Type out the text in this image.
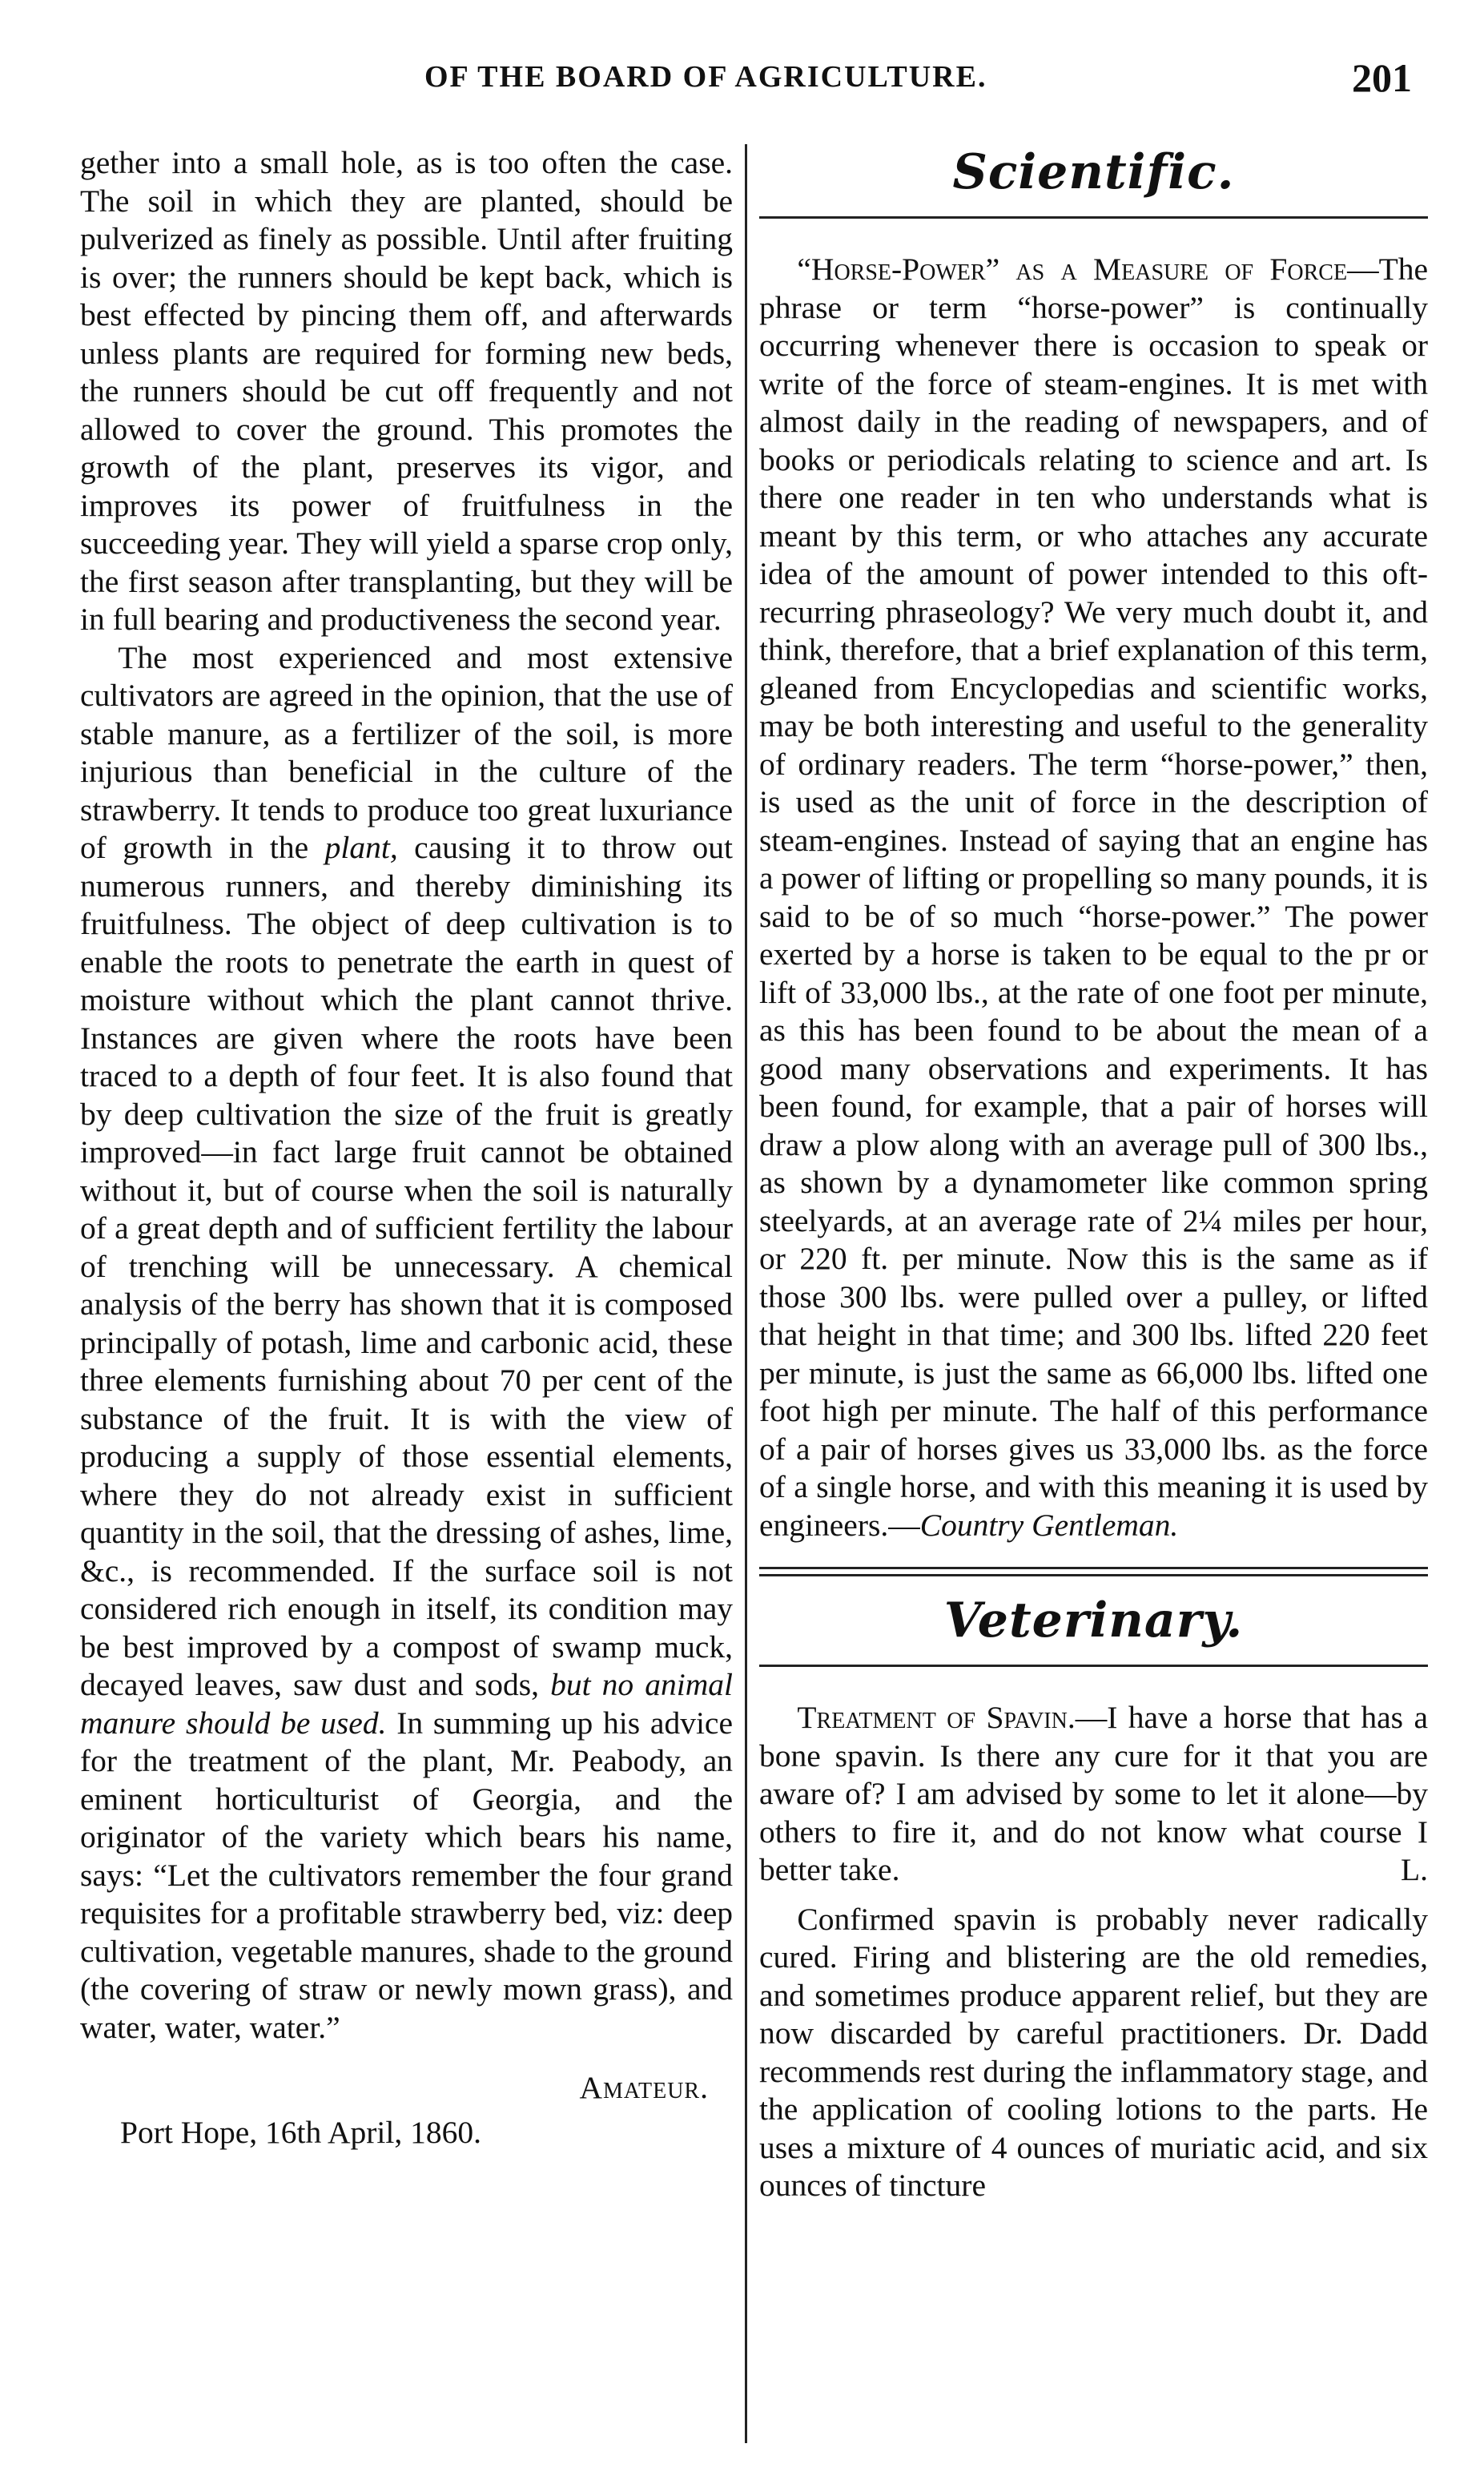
OF THE BOARD OF AGRICULTURE.	201

gether into a small hole, as is too often the case. The soil in which they are planted, should be pulverized as finely as possible. Until after fruiting is over; the runners should be kept back, which is best effected by pincing them off, and afterwards unless plants are required for forming new beds, the runners should be cut off frequently and not allowed to cover the ground. This promotes the growth of the plant, preserves its vigor, and improves its power of fruitfulness in the succeeding year. They will yield a sparse crop only, the first season after transplanting, but they will be in full bearing and productiveness the second year.

The most experienced and most extensive cultivators are agreed in the opinion, that the use of stable manure, as a fertilizer of the soil, is more injurious than beneficial in the culture of the strawberry. It tends to produce too great luxuriance of growth in the plant, causing it to throw out numerous runners, and thereby diminishing its fruitfulness. The object of deep cultivation is to enable the roots to penetrate the earth in quest of moisture without which the plant cannot thrive. Instances are given where the roots have been traced to a depth of four feet. It is also found that by deep cultivation the size of the fruit is greatly improved—in fact large fruit cannot be obtained without it, but of course when the soil is naturally of a great depth and of sufficient fertility the labour of trenching will be unnecessary. A chemical analysis of the berry has shown that it is composed principally of potash, lime and carbonic acid, these three elements furnishing about 70 per cent of the substance of the fruit. It is with the view of producing a supply of those essential elements, where they do not already exist in sufficient quantity in the soil, that the dressing of ashes, lime, &c., is recommended. If the surface soil is not considered rich enough in itself, its condition may be best improved by a compost of swamp muck, decayed leaves, saw dust and sods, but no animal manure should be used. In summing up his advice for the treatment of the plant, Mr. Peabody, an eminent horticulturist of Georgia, and the originator of the variety which bears his name, says: “Let the cultivators remember the four grand requisites for a profitable strawberry bed, viz: deep cultivation, vegetable manures, shade to the ground (the covering of straw or newly mown grass), and water, water, water.”

Amateur.

Port Hope, 16th April, 1860.

Scientific.

“Horse-Power” as a Measure of Force—The phrase or term “horse-power” is continually occurring whenever there is occasion to speak or write of the force of steam-engines. It is met with almost daily in the reading of newspapers, and of books or periodicals relating to science and art. Is there one reader in ten who understands what is meant by this term, or who attaches any accurate idea of the amount of power intended to this oft-recurring phraseology? We very much doubt it, and think, therefore, that a brief explanation of this term, gleaned from Encyclopedias and scientific works, may be both interesting and useful to the generality of ordinary readers. The term “horse-power,” then, is used as the unit of force in the description of steam-engines. Instead of saying that an engine has a power of lifting or propelling so many pounds, it is said to be of so much “horse-power.” The power exerted by a horse is taken to be equal to the pr or lift of 33,000 lbs., at the rate of one foot per minute, as this has been found to be about the mean of a good many observations and experiments. It has been found, for example, that a pair of horses will draw a plow along with an average pull of 300 lbs., as shown by a dynamometer like common spring steelyards, at an average rate of 2¼ miles per hour, or 220 ft. per minute. Now this is the same as if those 300 lbs. were pulled over a pulley, or lifted that height in that time; and 300 lbs. lifted 220 feet per minute, is just the same as 66,000 lbs. lifted one foot high per minute. The half of this performance of a pair of horses gives us 33,000 lbs. as the force of a single horse, and with this meaning it is used by engineers.—Country Gentleman.

Veterinary.

Treatment of Spavin.—I have a horse that has a bone spavin. Is there any cure for it that you are aware of? I am advised by some to let it alone—by others to fire it, and do not know what course I better take.	L.

Confirmed spavin is probably never radically cured. Firing and blistering are the old remedies, and sometimes produce apparent relief, but they are now discarded by careful practitioners. Dr. Dadd recommends rest during the inflammatory stage, and the application of cooling lotions to the parts. He uses a mixture of 4 ounces of muriatic acid, and six ounces of tincture
